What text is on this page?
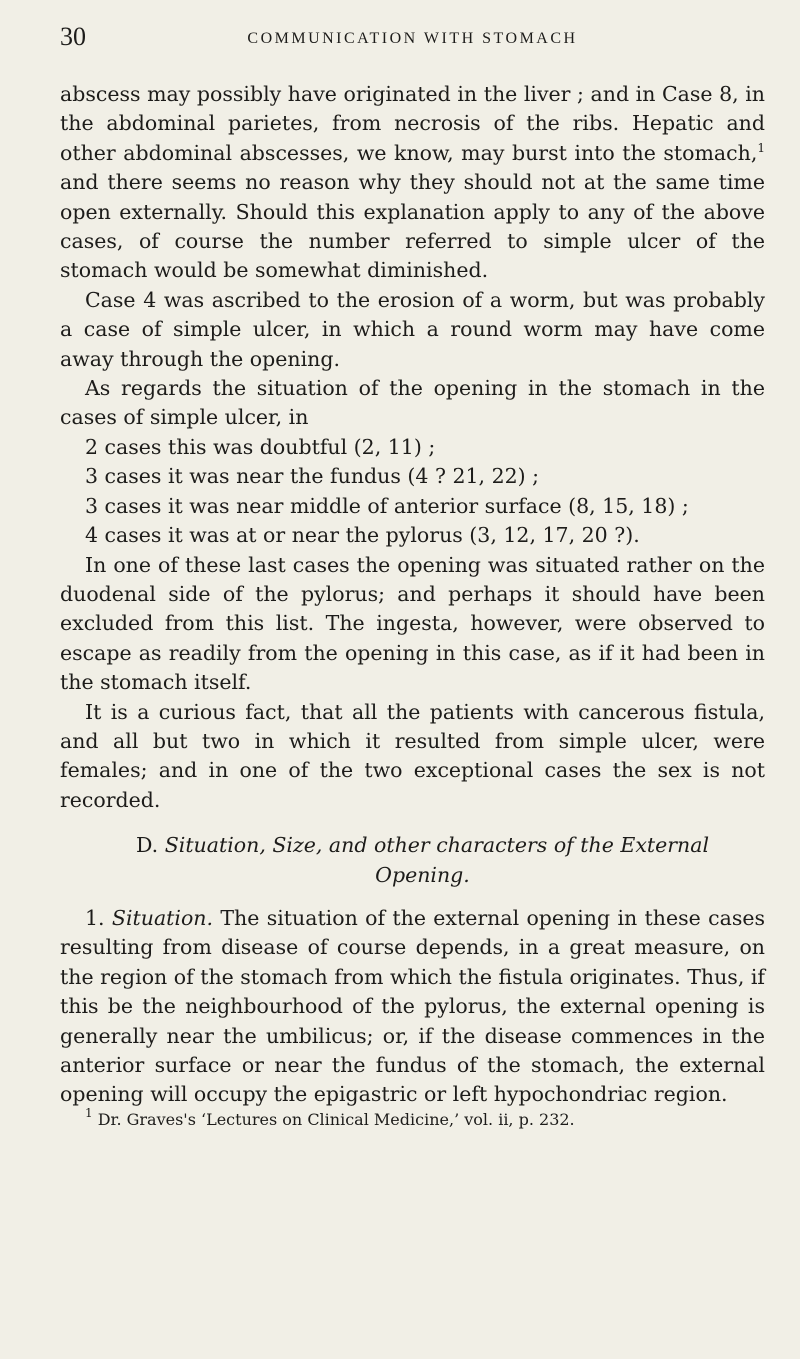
30	COMMUNICATION WITH STOMACH

abscess may possibly have originated in the liver ; and in Case 8, in the abdominal parietes, from necrosis of the ribs. Hepatic and other abdominal abscesses, we know, may burst into the stomach,$^1$ and there seems no reason why they should not at the same time open externally. Should this explanation apply to any of the above cases, of course the number referred to simple ulcer of the stomach would be somewhat diminished.

Case 4 was ascribed to the erosion of a worm, but was probably a case of simple ulcer, in which a round worm may have come away through the opening.

As regards the situation of the opening in the stomach in the cases of simple ulcer, in

2 cases this was doubtful (2, 11) ;

3 cases it was near the fundus (4 ? 21, 22) ;

3 cases it was near middle of anterior surface (8, 15, 18) ;

4 cases it was at or near the pylorus (3, 12, 17, 20 ?).

In one of these last cases the opening was situated rather on the duodenal side of the pylorus; and perhaps it should have been excluded from this list. The ingesta, however, were observed to escape as readily from the opening in this case, as if it had been in the stomach itself.

It is a curious fact, that all the patients with cancerous fistula, and all but two in which it resulted from simple ulcer, were females; and in one of the two exceptional cases the sex is not recorded.

D. Situation, Size, and other characters of the External
Opening.

1. Situation. The situation of the external opening in these cases resulting from disease of course depends, in a great measure, on the region of the stomach from which the fistula originates. Thus, if this be the neighbourhood of the pylorus, the external opening is generally near the umbilicus; or, if the disease commences in the anterior surface or near the fundus of the stomach, the external opening will occupy the epigastric or left hypochondriac region.

$^1$ Dr. Graves's ‘Lectures on Clinical Medicine,’ vol. ii, p. 232.
